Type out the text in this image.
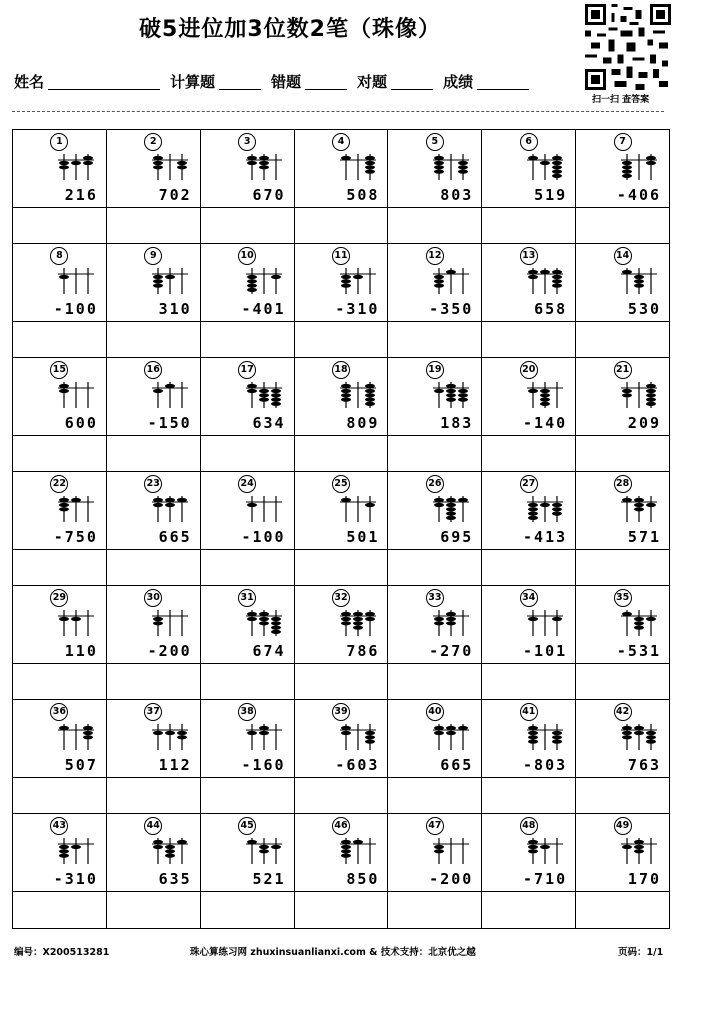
破5进位加3位数2笔（珠像）
姓名	计算题	错题	对题	成绩
扫一扫 查答案
1
216
2
702
3
670
4
508
5
803
6
519
7
-406
8
-100
9
310
10
-401
11
-310
12
-350
13
658
14
530
15
600
16
-150
17
634
18
809
19
183
20
-140
21
209
22
-750
23
665
24
-100
25
501
26
695
27
-413
28
571
29
110
30
-200
31
674
32
786
33
-270
34
-101
35
-531
36
507
37
112
38
-160
39
-603
40
665
41
-803
42
763
43
-310
44
635
45
521
46
850
47
-200
48
-710
49
170
编号：X200513281	珠心算练习网 zhuxinsuanlianxi.com & 技术支持：北京优之越	页码：1/1
